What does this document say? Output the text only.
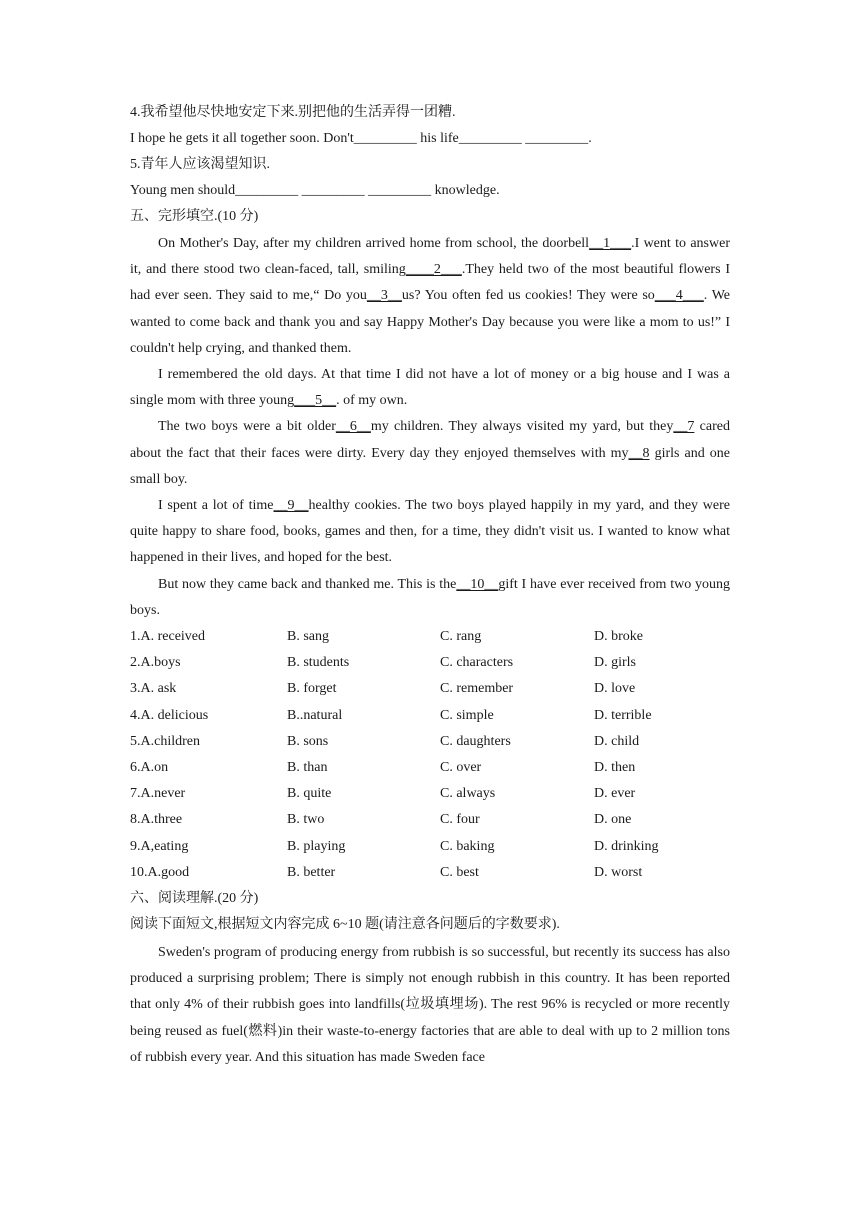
4.我希望他尽快地安定下来.别把他的生活弄得一团糟.
I hope he gets it all together soon. Don't_________ his life_________ _________.
5.青年人应该渴望知识.
Young men should_________ _________ _________ knowledge.
五、完形填空.(10 分)

On Mother's Day, after my children arrived home from school, the doorbell__1___.I went to answer it, and there stood two clean-faced, tall, smiling____2___.They held two of the most beautiful flowers I had ever seen. They said to me,“ Do you__3__us? You often fed us cookies! They were so___4___. We wanted to come back and thank you and say Happy Mother's Day because you were like a mom to us!” I couldn't help crying, and thanked them.

I remembered the old days. At that time I did not have a lot of money or a big house and I was a single mom with three young___5__. of my own.

The two boys were a bit older__6__my children. They always visited my yard, but they__7 cared about the fact that their faces were dirty. Every day they enjoyed themselves with my__8 girls and one small boy.

I spent a lot of time__9__healthy cookies. The two boys played happily in my yard, and they were quite happy to share food, books, games and then, for a time, they didn't visit us. I wanted to know what happened in their lives, and hoped for the best.

But now they came back and thanked me. This is the__10__gift I have ever received from two young boys.

1.A. received	B. sang	C. rang	D. broke
2.A.boys	B. students	C. characters	D. girls
3.A. ask	B. forget	C. remember	D. love
4.A. delicious	B..natural	C. simple	D. terrible
5.A.children	B. sons	C. daughters	D. child
6.A.on	B. than	C. over	D. then
7.A.never	B. quite	C. always	D. ever
8.A.three	B. two	C. four	D. one
9.A,eating	B. playing	C. baking	D. drinking
10.A.good	B. better	C. best	D. worst
六、阅读理解.(20 分)
阅读下面短文,根据短文内容完成 6~10 题(请注意各问题后的字数要求).

Sweden's program of producing energy from rubbish is so successful, but recently its success has also produced a surprising problem; There is simply not enough rubbish in this country. It has been reported that only 4% of their rubbish goes into landfills(垃圾填埋场). The rest 96% is recycled or more recently being reused as fuel(燃料)in their waste-to-energy factories that are able to deal with up to 2 million tons of rubbish every year. And this situation has made Sweden face
